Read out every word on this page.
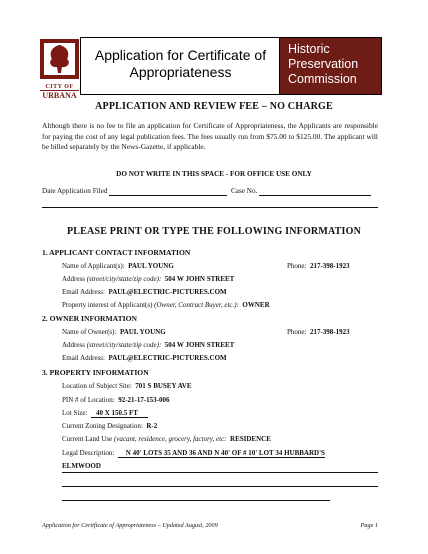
CITY OF
URBANA
Application for Certificate of
Appropriateness
Historic
Preservation
Commission
APPLICATION AND REVIEW FEE – NO CHARGE
Although there is no fee to file an application for Certificate of Appropriateness, the Applicants are responsible for paying the cost of any legal publication fees. The fees usually run from $75.00 to $125.00. The applicant will be billed separately by the News-Gazette, if applicable.
DO NOT WRITE IN THIS SPACE - FOR OFFICE USE ONLY
Date Application Filed	Case No.
PLEASE PRINT OR TYPE THE FOLLOWING INFORMATION
1. APPLICANT CONTACT INFORMATION
Name of Applicant(s): PAUL YOUNG	Phone: 217-398-1923
Address (street/city/state/zip code): 504 W JOHN STREET
Email Address: PAUL@ELECTRIC-PICTURES.COM
Property interest of Applicant(s) (Owner, Contract Buyer, etc.): OWNER
2. OWNER INFORMATION
Name of Owner(s): PAUL YOUNG	Phone: 217-398-1923
Address (street/city/state/zip code): 504 W JOHN STREET
Email Address: PAUL@ELECTRIC-PICTURES.COM
3. PROPERTY INFORMATION
Location of Subject Site: 701 S BUSEY AVE
PIN # of Location: 92-21-17-153-006
Lot Size: 40 X 150.5 FT
Current Zoning Designation: R-2
Current Land Use (vacant, residence, grocery, factory, etc: RESIDENCE
Legal Description: N 40' LOTS 35 AND 36 AND N 40' OF # 10' LOT 34 HUBBARD'S
ELMWOOD
Application for Certificate of Appropriateness – Updated August, 2009	Page 1
